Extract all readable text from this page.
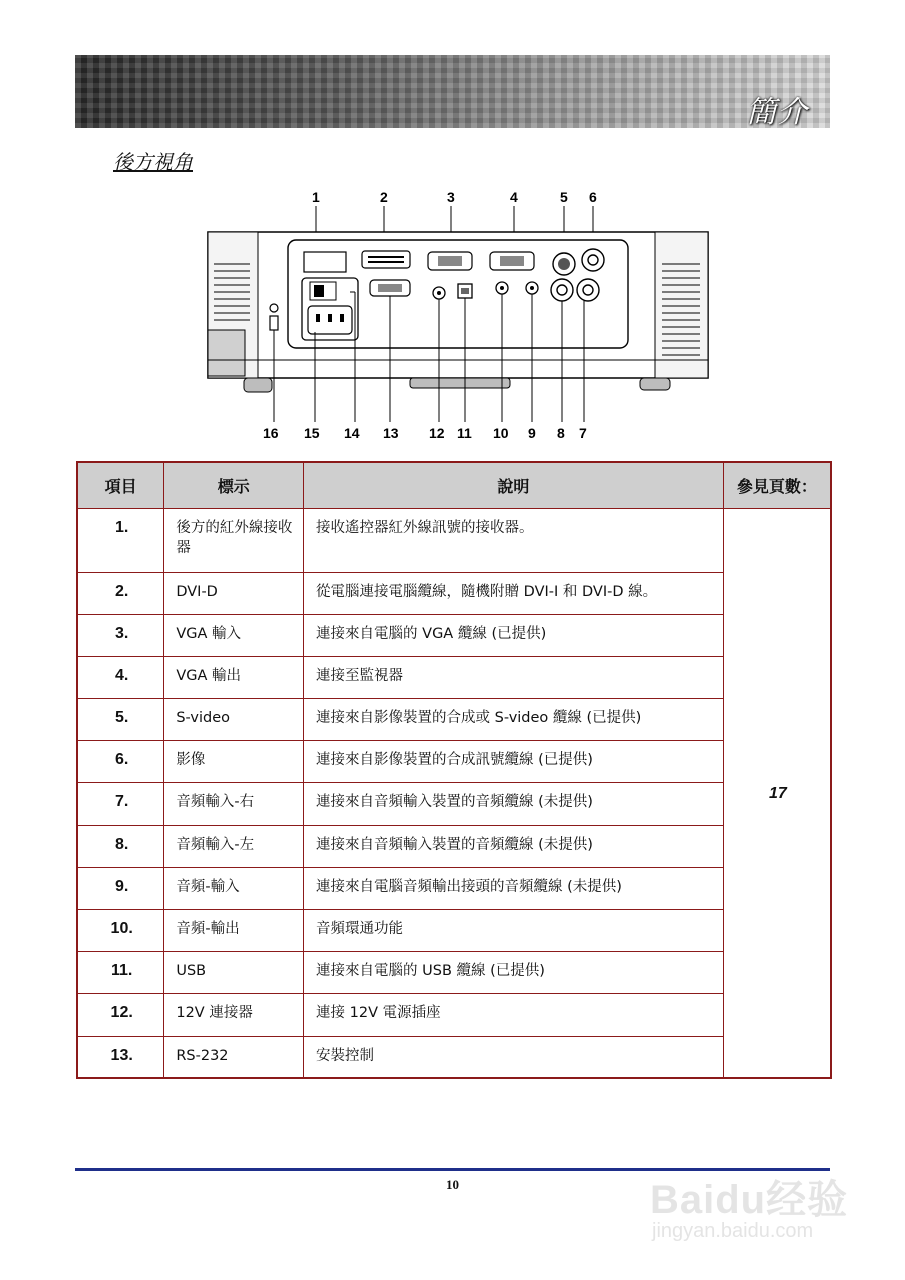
簡介
後方視角
1	2	3	4	5 6
16 15 14 13 12 11 10 9 8 7
項目	標示	說明	參見頁數：
1.	後方的紅外線接收器	接收遙控器紅外線訊號的接收器。	17
2.	DVI-D	從電腦連接電腦纜線，隨機附贈 DVI-I 和 DVI-D 線。	
3.	VGA 輸入	連接來自電腦的 VGA 纜線 (已提供)	
4.	VGA 輸出	連接至監視器	
5.	S-video	連接來自影像裝置的合成或 S-video 纜線 (已提供)	
6.	影像	連接來自影像裝置的合成訊號纜線 (已提供)	
7.	音頻輸入-右	連接來自音頻輸入裝置的音頻纜線 (未提供)	
8.	音頻輸入-左	連接來自音頻輸入裝置的音頻纜線 (未提供)	
9.	音頻-輸入	連接來自電腦音頻輸出接頭的音頻纜線 (未提供)	
10.	音頻-輸出	音頻環通功能	
11.	USB	連接來自電腦的 USB 纜線 (已提供)	
12.	12V 連接器	連接 12V 電源插座	
13.	RS-232	安裝控制	
10	Baidu经验
jingyan.baidu.com
